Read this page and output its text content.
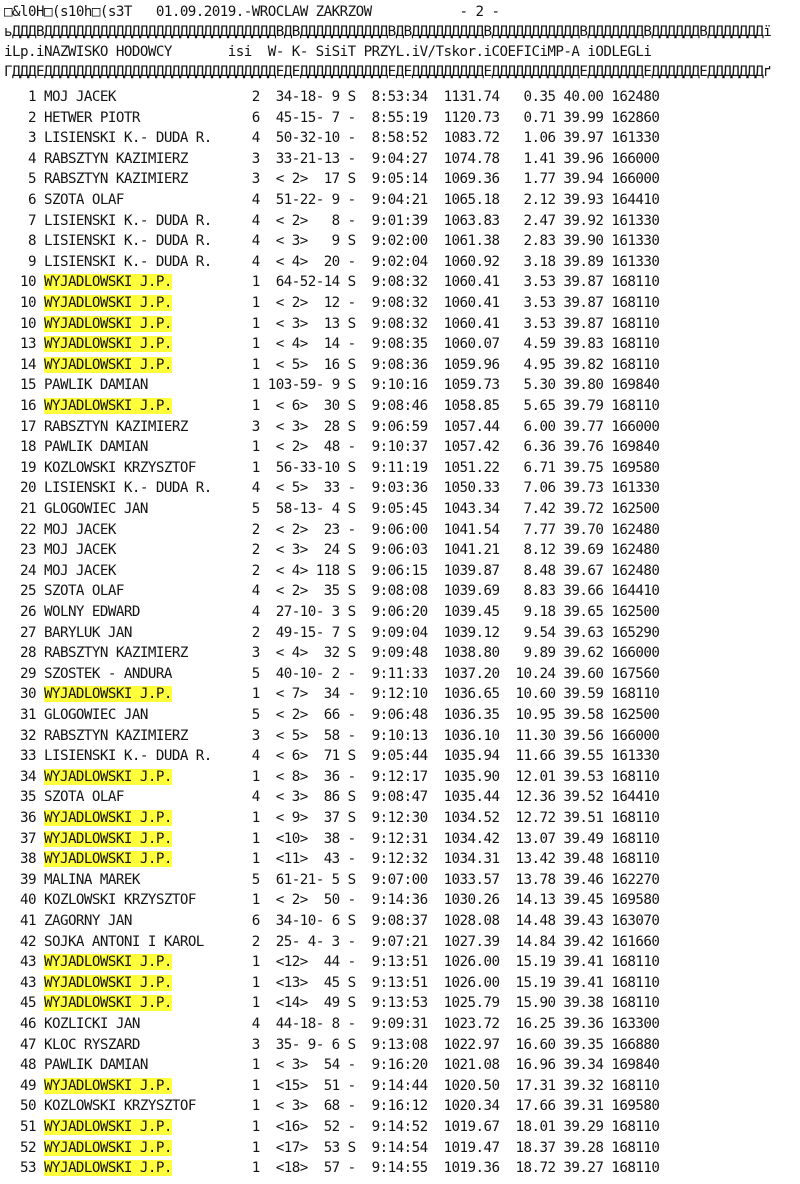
□&l0H□(s10h□(s3T   01.09.2019.-WROCLAW ZAKRZOW           - 2 -
ьДДДВДДДДДДДДДДДДДДДДДДДДДДДДДДДДДВДВДДДДДДДДДДДВДВДДДДДДДДДВДДДДДДДДДДДВДДДДДДДВДДДДДДВДДДДДДДї
iLp.iNAZWISKO HODOWCY       isi  W- K- SiSiT PRZYL.iV/Tskor.iCOEFICiMP-A iODLEGLi
ГДДДЕДДДДДДДДДДДДДДДДДДДДДДДДДДДДДЕДЕДДДДДДДДДДДЕДЕДДДДДДДДДЕДДДДДДДДДДДЕДДДДДДДЕДДДДДДЕДДДДДДДґ
1 MOJ JACEK	2  34-18- 9 S  8:53:34  1131.74   0.35 40.00 162480
2 HETWER PIOTR	6  45-15- 7 -  8:55:19  1120.73   0.71 39.99 162860
3 LISIENSKI K.- DUDA R.     4  50-32-10 -  8:58:52  1083.72   1.06 39.97 161330
4 RABSZTYN KAZIMIERZ	3  33-21-13 -  9:04:27  1074.78   1.41 39.96 166000
5 RABSZTYN KAZIMIERZ	3  < 2>  17 S  9:05:14  1069.36   1.77 39.94 166000
6 SZOTA OLAF	4  51-22- 9 -  9:04:21  1065.18   2.12 39.93 164410
7 LISIENSKI K.- DUDA R.     4  < 2>   8 -  9:01:39  1063.83   2.47 39.92 161330
8 LISIENSKI K.- DUDA R.     4  < 3>   9 S  9:02:00  1061.38   2.83 39.90 161330
9 LISIENSKI K.- DUDA R.     4  < 4>  20 -  9:02:04  1060.92   3.18 39.89 161330
10 WYJADLOWSKI J.P.	1  64-52-14 S  9:08:32  1060.41   3.53 39.87 168110
10 WYJADLOWSKI J.P.	1  < 2>  12 -  9:08:32  1060.41   3.53 39.87 168110
10 WYJADLOWSKI J.P.	1  < 3>  13 S  9:08:32  1060.41   3.53 39.87 168110
13 WYJADLOWSKI J.P.	1  < 4>  14 -  9:08:35  1060.07   4.59 39.83 168110
14 WYJADLOWSKI J.P.	1  < 5>  16 S  9:08:36  1059.96   4.95 39.82 168110
15 PAWLIK DAMIAN	1 103-59- 9 S  9:10:16  1059.73   5.30 39.80 169840
16 WYJADLOWSKI J.P.	1  < 6>  30 S  9:08:46  1058.85   5.65 39.79 168110
17 RABSZTYN KAZIMIERZ	3  < 3>  28 S  9:06:59  1057.44   6.00 39.77 166000
18 PAWLIK DAMIAN	1  < 2>  48 -  9:10:37  1057.42   6.36 39.76 169840
19 KOZLOWSKI KRZYSZTOF	1  56-33-10 S  9:11:19  1051.22   6.71 39.75 169580
20 LISIENSKI K.- DUDA R.     4  < 5>  33 -  9:03:36  1050.33   7.06 39.73 161330
21 GLOGOWIEC JAN	5  58-13- 4 S  9:05:45  1043.34   7.42 39.72 162500
22 MOJ JACEK	2  < 2>  23 -  9:06:00  1041.54   7.77 39.70 162480
23 MOJ JACEK	2  < 3>  24 S  9:06:03  1041.21   8.12 39.69 162480
24 MOJ JACEK	2  < 4> 118 S  9:06:15  1039.87   8.48 39.67 162480
25 SZOTA OLAF	4  < 2>  35 S  9:08:08  1039.69   8.83 39.66 164410
26 WOLNY EDWARD	4  27-10- 3 S  9:06:20  1039.45   9.18 39.65 162500
27 BARYLUK JAN	2  49-15- 7 S  9:09:04  1039.12   9.54 39.63 165290
28 RABSZTYN KAZIMIERZ	3  < 4>  32 S  9:09:48  1038.80   9.89 39.62 166000
29 SZOSTEK - ANDURA	5  40-10- 2 -  9:11:33  1037.20  10.24 39.60 167560
30 WYJADLOWSKI J.P.	1  < 7>  34 -  9:12:10  1036.65  10.60 39.59 168110
31 GLOGOWIEC JAN	5  < 2>  66 -  9:06:48  1036.35  10.95 39.58 162500
32 RABSZTYN KAZIMIERZ	3  < 5>  58 -  9:10:13  1036.10  11.30 39.56 166000
33 LISIENSKI K.- DUDA R.     4  < 6>  71 S  9:05:44  1035.94  11.66 39.55 161330
34 WYJADLOWSKI J.P.	1  < 8>  36 -  9:12:17  1035.90  12.01 39.53 168110
35 SZOTA OLAF	4  < 3>  86 S  9:08:47  1035.44  12.36 39.52 164410
36 WYJADLOWSKI J.P.	1  < 9>  37 S  9:12:30  1034.52  12.72 39.51 168110
37 WYJADLOWSKI J.P.	1  <10>  38 -  9:12:31  1034.42  13.07 39.49 168110
38 WYJADLOWSKI J.P.	1  <11>  43 -  9:12:32  1034.31  13.42 39.48 168110
39 MALINA MAREK	5  61-21- 5 S  9:07:00  1033.57  13.78 39.46 162270
40 KOZLOWSKI KRZYSZTOF	1  < 2>  50 -  9:14:36  1030.26  14.13 39.45 169580
41 ZAGORNY JAN	6  34-10- 6 S  9:08:37  1028.08  14.48 39.43 163070
42 SOJKA ANTONI I KAROL      2  25- 4- 3 -  9:07:21  1027.39  14.84 39.42 161660
43 WYJADLOWSKI J.P.	1  <12>  44 -  9:13:51  1026.00  15.19 39.41 168110
43 WYJADLOWSKI J.P.	1  <13>  45 S  9:13:51  1026.00  15.19 39.41 168110
45 WYJADLOWSKI J.P.	1  <14>  49 S  9:13:53  1025.79  15.90 39.38 168110
46 KOZLICKI JAN	4  44-18- 8 -  9:09:31  1023.72  16.25 39.36 163300
47 KLOC RYSZARD	3  35- 9- 6 S  9:13:08  1022.97  16.60 39.35 166880
48 PAWLIK DAMIAN	1  < 3>  54 -  9:16:20  1021.08  16.96 39.34 169840
49 WYJADLOWSKI J.P.	1  <15>  51 -  9:14:44  1020.50  17.31 39.32 168110
50 KOZLOWSKI KRZYSZTOF	1  < 3>  68 -  9:16:12  1020.34  17.66 39.31 169580
51 WYJADLOWSKI J.P.	1  <16>  52 -  9:14:52  1019.67  18.01 39.29 168110
52 WYJADLOWSKI J.P.	1  <17>  53 S  9:14:54  1019.47  18.37 39.28 168110
53 WYJADLOWSKI J.P.	1  <18>  57 -  9:14:55  1019.36  18.72 39.27 168110
